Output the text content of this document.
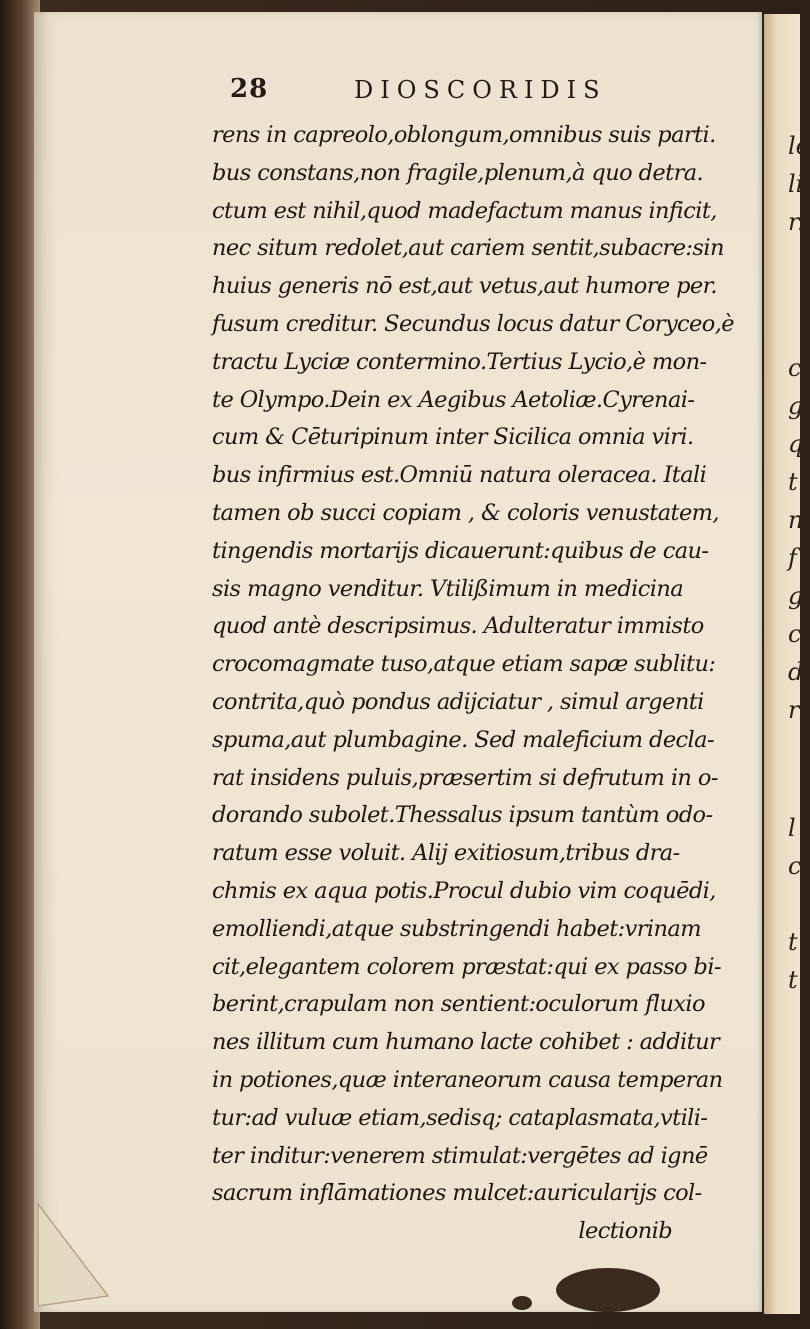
le
li
r.
c
g
q
t.
n
f
g
c
d
r
l
c
t
t
28	DIOSCORIDIS
rens in capreolo,oblongum,omnibus suis parti.
bus constans,non fragile,plenum,à quo detra.
ctum est nihil,quod madefactum manus inficit,
nec situm redolet,aut cariem sentit,subacre:sin
huius generis nō est,aut vetus,aut humore per.
fusum creditur. Secundus locus datur Coryceo,è
tractu Lyciæ contermino.Tertius Lycio,è mon-
te Olympo.Dein ex Aegibus Aetoliæ.Cyrenai-
cum & Cēturipinum inter Sicilica omnia viri.
bus infirmius est.Omniū natura oleracea. Itali
tamen ob succi copiam , & coloris venustatem,
tingendis mortarijs dicauerunt:quibus de cau-
sis magno venditur. Vtilißimum in medicina
quod antè descripsimus. Adulteratur immisto
crocomagmate tuso,atque etiam sapæ sublitu:
contrita,quò pondus adijciatur , simul argenti
spuma,aut plumbagine. Sed maleficium decla-
rat insidens puluis,præsertim si defrutum in o-
dorando subolet.Thessalus ipsum tantùm odo-
ratum esse voluit. Alij exitiosum,tribus dra-
chmis ex aqua potis.Procul dubio vim coquēdi,
emolliendi,atque substringendi habet:vrinam
cit,elegantem colorem præstat:qui ex passo bi-
berint,crapulam non sentient:oculorum fluxio
nes illitum cum humano lacte cohibet : additur
in potiones,quæ interaneorum causa temperan
tur:ad vuluæ etiam,sedisq; cataplasmata,vtili-
ter inditur:venerem stimulat:vergētes ad ignē
sacrum inflāmationes mulcet:auricularijs col-
lectionib
